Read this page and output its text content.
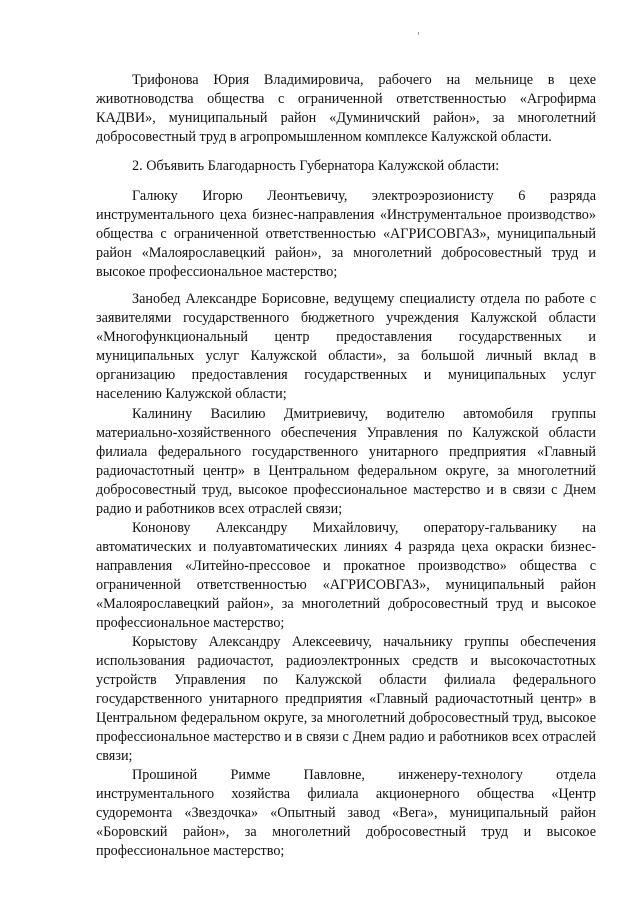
Трифонова Юрия Владимировича, рабочего на мельнице в цехе животноводства общества с ограниченной ответственностью «Агрофирма КАДВИ», муниципальный район «Думиничский район», за многолетний добросовестный труд в агропромышленном комплексе Калужской области.

2. Объявить Благодарность Губернатора Калужской области:

Галюку Игорю Леонтьевичу, электроэрозионисту 6 разряда инструментального цеха бизнес-направления «Инструментальное производство» общества с ограниченной ответственностью «АГРИСОВГАЗ», муниципальный район «Малоярославецкий район», за многолетний добросовестный труд и высокое профессиональное мастерство;

Занобед Александре Борисовне, ведущему специалисту отдела по работе с заявителями государственного бюджетного учреждения Калужской области «Многофункциональный центр предоставления государственных и муниципальных услуг Калужской области», за большой личный вклад в организацию предоставления государственных и муниципальных услуг населению Калужской области;

Калинину Василию Дмитриевичу, водителю автомобиля группы материально-хозяйственного обеспечения Управления по Калужской области филиала федерального государственного унитарного предприятия «Главный радиочастотный центр» в Центральном федеральном округе, за многолетний добросовестный труд, высокое профессиональное мастерство и в связи с Днем радио и работников всех отраслей связи;

Кононову Александру Михайловичу, оператору-гальванику на автоматических и полуавтоматических линиях 4 разряда цеха окраски бизнес-направления «Литейно-прессовое и прокатное производство» общества с ограниченной ответственностью «АГРИСОВГАЗ», муниципальный район «Малоярославецкий район», за многолетний добросовестный труд и высокое профессиональное мастерство;

Корыстову Александру Алексеевичу, начальнику группы обеспечения использования радиочастот, радиоэлектронных средств и высокочастотных устройств Управления по Калужской области филиала федерального государственного унитарного предприятия «Главный радиочастотный центр» в Центральном федеральном округе, за многолетний добросовестный труд, высокое профессиональное мастерство и в связи с Днем радио и работников всех отраслей связи;

Прошиной Римме Павловне, инженеру-технологу отдела инструментального хозяйства филиала акционерного общества «Центр судоремонта «Звездочка» «Опытный завод «Вега», муниципальный район «Боровский район», за многолетний добросовестный труд и высокое профессиональное мастерство;
